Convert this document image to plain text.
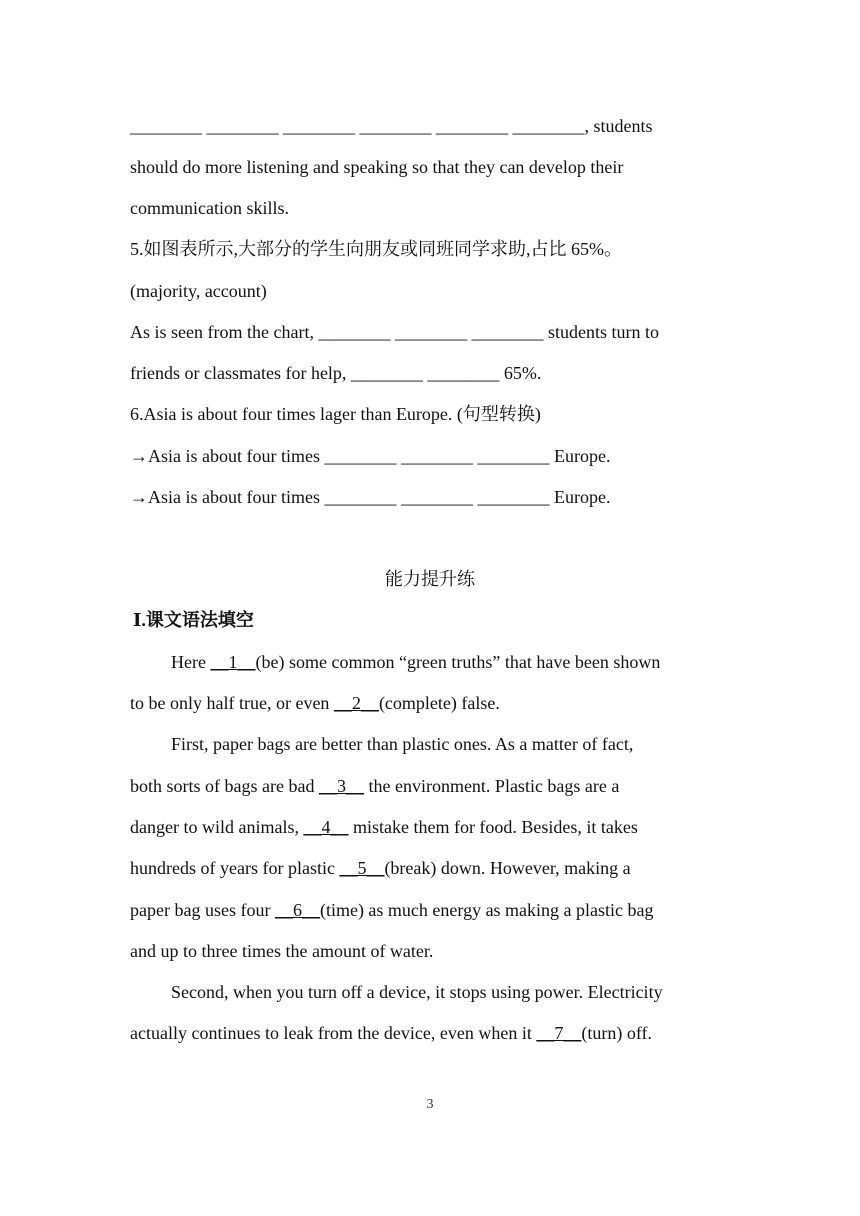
________ ________ ________ ________ ________ ________, students
should do more listening and speaking so that they can develop their
communication skills.
5.如图表所示,大部分的学生向朋友或同班同学求助,占比 65%。
(majority, account)
As is seen from the chart, ________ ________ ________ students turn to
friends or classmates for help, ________ ________ 65%.
6.Asia is about four times lager than Europe. (句型转换)
→Asia is about four times ________ ________ ________ Europe.
→Asia is about four times ________ ________ ________ Europe.
能力提升练
Ⅰ.课文语法填空
Here __1__(be) some common “green truths” that have been shown
to be only half true, or even __2__(complete) false.
First, paper bags are better than plastic ones. As a matter of fact,
both sorts of bags are bad __3__ the environment. Plastic bags are a
danger to wild animals, __4__ mistake them for food. Besides, it takes
hundreds of years for plastic __5__(break) down. However, making a
paper bag uses four __6__(time) as much energy as making a plastic bag
and up to three times the amount of water.
Second, when you turn off a device, it stops using power. Electricity
actually continues to leak from the device, even when it __7__(turn) off.
3
